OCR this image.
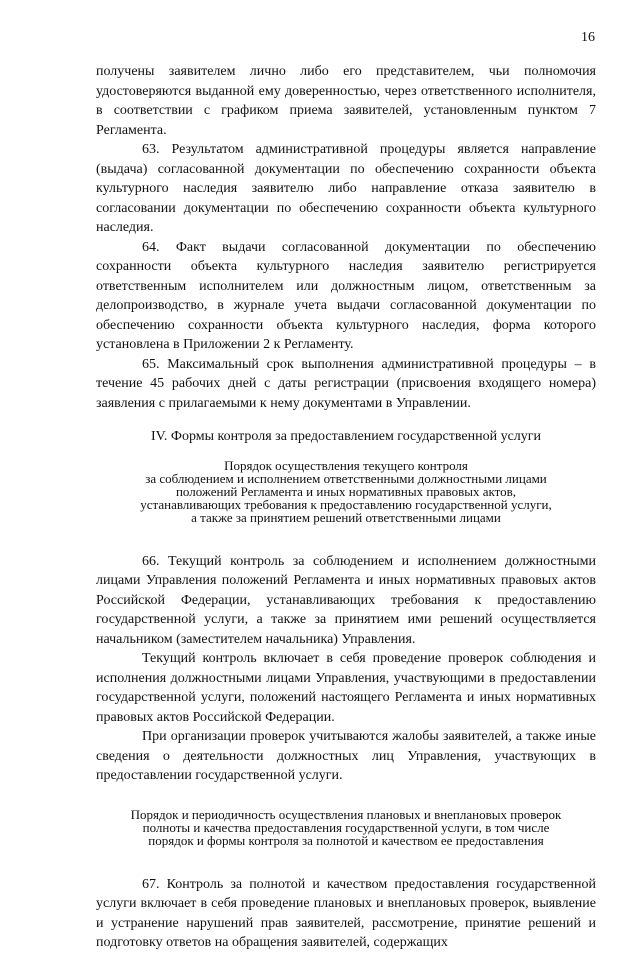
16

получены заявителем лично либо его представителем, чьи полномочия удостоверяются выданной ему доверенностью, через ответственного исполнителя, в соответствии с графиком приема заявителей, установленным пунктом 7 Регламента.

63. Результатом административной процедуры является направление (выдача) согласованной документации по обеспечению сохранности объекта культурного наследия заявителю либо направление отказа заявителю в согласовании документации по обеспечению сохранности объекта культурного наследия.

64. Факт выдачи согласованной документации по обеспечению сохранности объекта культурного наследия заявителю регистрируется ответственным исполнителем или должностным лицом, ответственным за делопроизводство, в журнале учета выдачи согласованной документации по обеспечению сохранности объекта культурного наследия, форма которого установлена в Приложении 2 к Регламенту.

65. Максимальный срок выполнения административной процедуры – в течение 45 рабочих дней с даты регистрации (присвоения входящего номера) заявления с прилагаемыми к нему документами в Управлении.

IV. Формы контроля за предоставлением государственной услуги
Порядок осуществления текущего контроля
за соблюдением и исполнением ответственными должностными лицами
положений Регламента и иных нормативных правовых актов,
устанавливающих требования к предоставлению государственной услуги,
а также за принятием решений ответственными лицами

66. Текущий контроль за соблюдением и исполнением должностными лицами Управления положений Регламента и иных нормативных правовых актов Российской Федерации, устанавливающих требования к предоставлению государственной услуги, а также за принятием ими решений осуществляется начальником (заместителем начальника) Управления.

Текущий контроль включает в себя проведение проверок соблюдения и исполнения должностными лицами Управления, участвующими в предоставлении государственной услуги, положений настоящего Регламента и иных нормативных правовых актов Российской Федерации.

При организации проверок учитываются жалобы заявителей, а также иные сведения о деятельности должностных лиц Управления, участвующих в предоставлении государственной услуги.

Порядок и периодичность осуществления плановых и внеплановых проверок
полноты и качества предоставления государственной услуги, в том числе
порядок и формы контроля за полнотой и качеством ее предоставления

67. Контроль за полнотой и качеством предоставления государственной услуги включает в себя проведение плановых и внеплановых проверок, выявление и устранение нарушений прав заявителей, рассмотрение, принятие решений и подготовку ответов на обращения заявителей, содержащих
